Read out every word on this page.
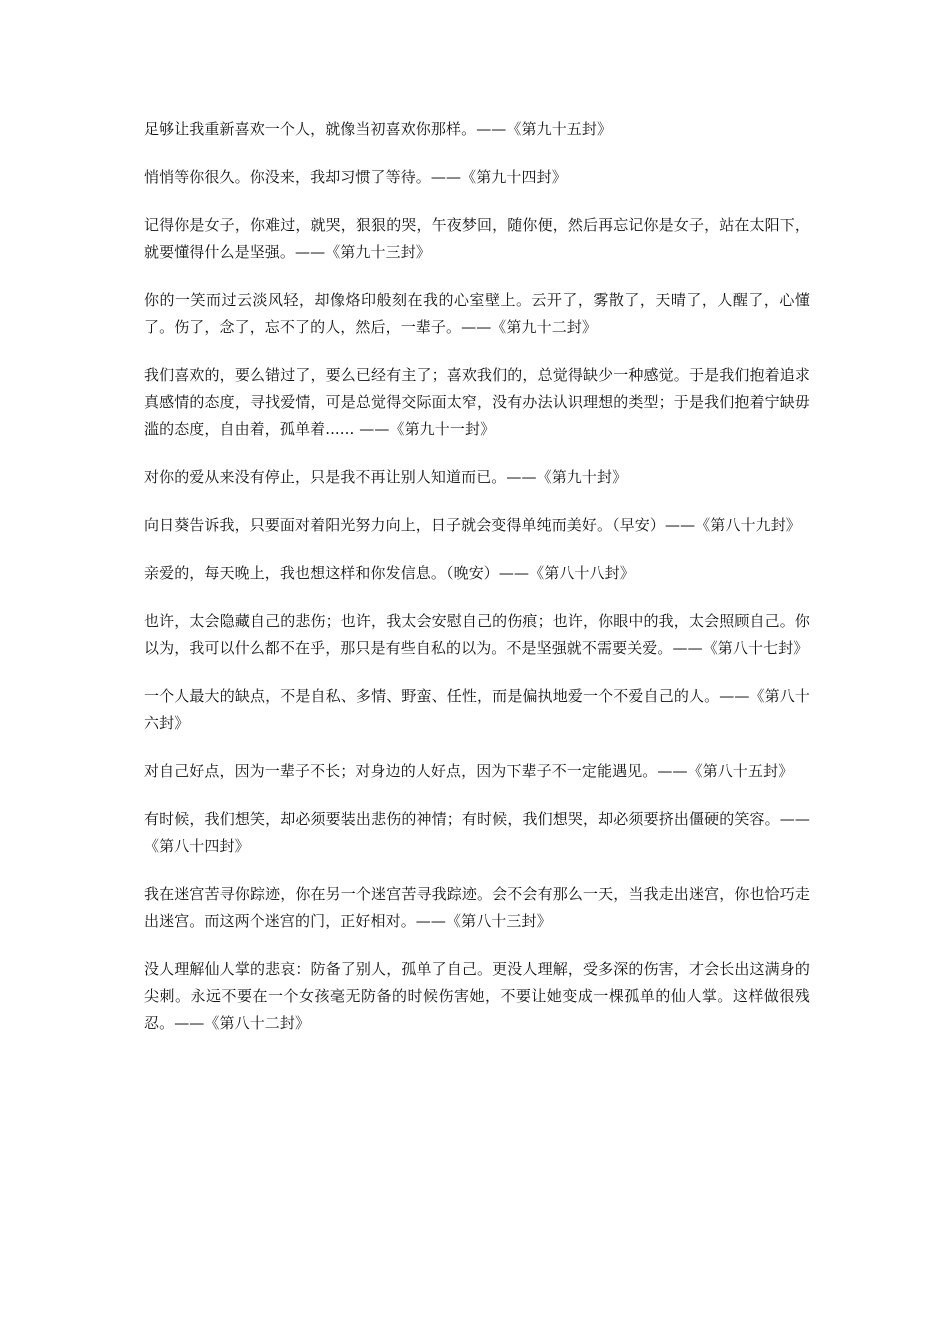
足够让我重新喜欢一个人，就像当初喜欢你那样。——《第九十五封》

悄悄等你很久。你没来，我却习惯了等待。——《第九十四封》

记得你是女子，你难过，就哭，狠狠的哭，午夜梦回，随你便，然后再忘记你是女子，站在太阳下，就要懂得什么是坚强。——《第九十三封》

你的一笑而过云淡风轻，却像烙印般刻在我的心室壁上。云开了，雾散了，天晴了，人醒了，心懂了。伤了，念了，忘不了的人，然后，一辈子。——《第九十二封》

我们喜欢的，要么错过了，要么已经有主了；喜欢我们的，总觉得缺少一种感觉。于是我们抱着追求真感情的态度，寻找爱情，可是总觉得交际面太窄，没有办法认识理想的类型；于是我们抱着宁缺毋滥的态度，自由着，孤单着...... ——《第九十一封》

对你的爱从来没有停止，只是我不再让别人知道而已。——《第九十封》

向日葵告诉我，只要面对着阳光努力向上，日子就会变得单纯而美好。（早安）——《第八十九封》

亲爱的，每天晚上，我也想这样和你发信息。（晚安）——《第八十八封》

也许，太会隐藏自己的悲伤；也许，我太会安慰自己的伤痕；也许，你眼中的我，太会照顾自己。你以为，我可以什么都不在乎，那只是有些自私的以为。不是坚强就不需要关爱。——《第八十七封》

一个人最大的缺点，不是自私、多情、野蛮、任性，而是偏执地爱一个不爱自己的人。——《第八十六封》

对自己好点，因为一辈子不长；对身边的人好点，因为下辈子不一定能遇见。——《第八十五封》

有时候，我们想笑，却必须要装出悲伤的神情；有时候，我们想哭，却必须要挤出僵硬的笑容。——《第八十四封》

我在迷宫苦寻你踪迹，你在另一个迷宫苦寻我踪迹。会不会有那么一天，当我走出迷宫，你也恰巧走出迷宫。而这两个迷宫的门，正好相对。——《第八十三封》

没人理解仙人掌的悲哀：防备了别人，孤单了自己。更没人理解，受多深的伤害，才会长出这满身的尖刺。永远不要在一个女孩毫无防备的时候伤害她，不要让她变成一棵孤单的仙人掌。这样做很残忍。——《第八十二封》
